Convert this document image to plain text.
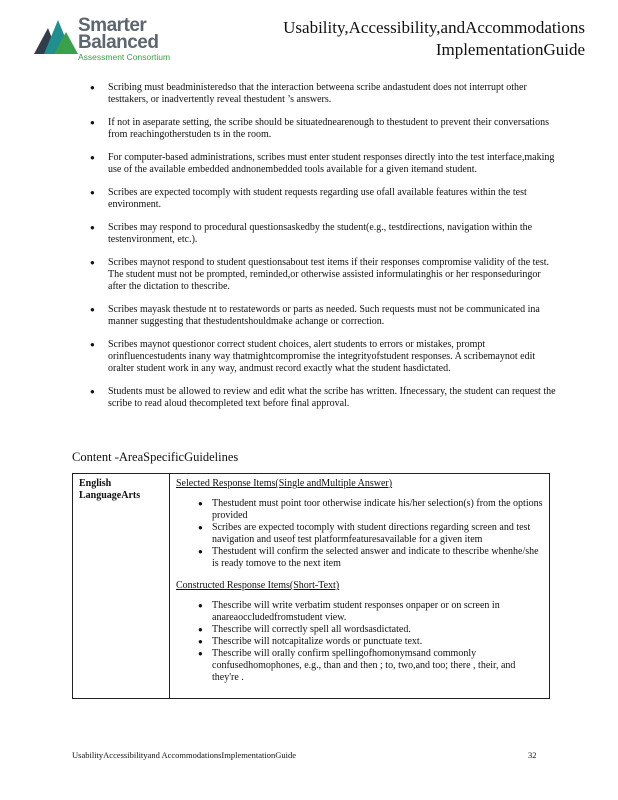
Smarter
Balanced
Assessment Consortium
Usability,Accessibility,andAccommodations
ImplementationGuide
● Scribing must beadministeredso that the interaction betweena scribe andastudent does not interrupt other testtakers, or inadvertently reveal thestudent ’s answers.
● If not in aseparate setting, the scribe should be situatednearenough to thestudent to prevent their conversations from reachingotherstuden ts in the room.
● For computer-based administrations, scribes must enter student responses directly into the test interface,making use of the available embedded andnonembedded tools available for a given itemand student.
● Scribes are expected tocomply with student requests regarding use ofall available features within the test environment.
● Scribes may respond to procedural questionsaskedby the student(e.g., testdirections, navigation within the testenvironment, etc.).
● Scribes maynot respond to student questionsabout test items if their responses compromise validity of the test. The student must not be prompted, reminded,or otherwise assisted informulatinghis or her responseduringor after the dictation to thescribe.
● Scribes mayask thestude nt to restatewords or parts as needed. Such requests must not be communicated ina manner suggesting that thestudentshouldmake achange or correction.
● Scribes maynot questionor correct student choices, alert students to errors or mistakes, prompt orinfluencestudents inany way thatmightcompromise the integrityofstudent responses. A scribemaynot edit oralter student work in any way, andmust record exactly what the student hasdictated.
● Students must be allowed to review and edit what the scribe has written. Ifnecessary, the student can request the scribe to read aloud thecompleted text before final approval.
Content -AreaSpecificGuidelines
English LanguageArts	
Selected Response Items(Single andMultiple Answer)
● Thestudent must point toor otherwise indicate his/her selection(s) from the options provided
● Scribes are expected tocomply with student directions regarding screen and test navigation and useof test platformfeaturesavailable for a given item
● Thestudent will confirm the selected answer and indicate to thescribe whenhe/she is ready tomove to the next item
Constructed Response Items(Short-Text)
● Thescribe will write verbatim student responses onpaper or on screen in anareaoccludedfromstudent view.
● Thescribe will correctly spell all wordsasdictated.
● Thescribe will notcapitalize words or punctuate text.
● Thescribe will orally confirm spellingofhomonymsand commonly confusedhomophones, e.g., than and then ; to, two,and too; there , their, and they're .
UsabilityAccessibilityand AccommodationsImplementationGuide	32
